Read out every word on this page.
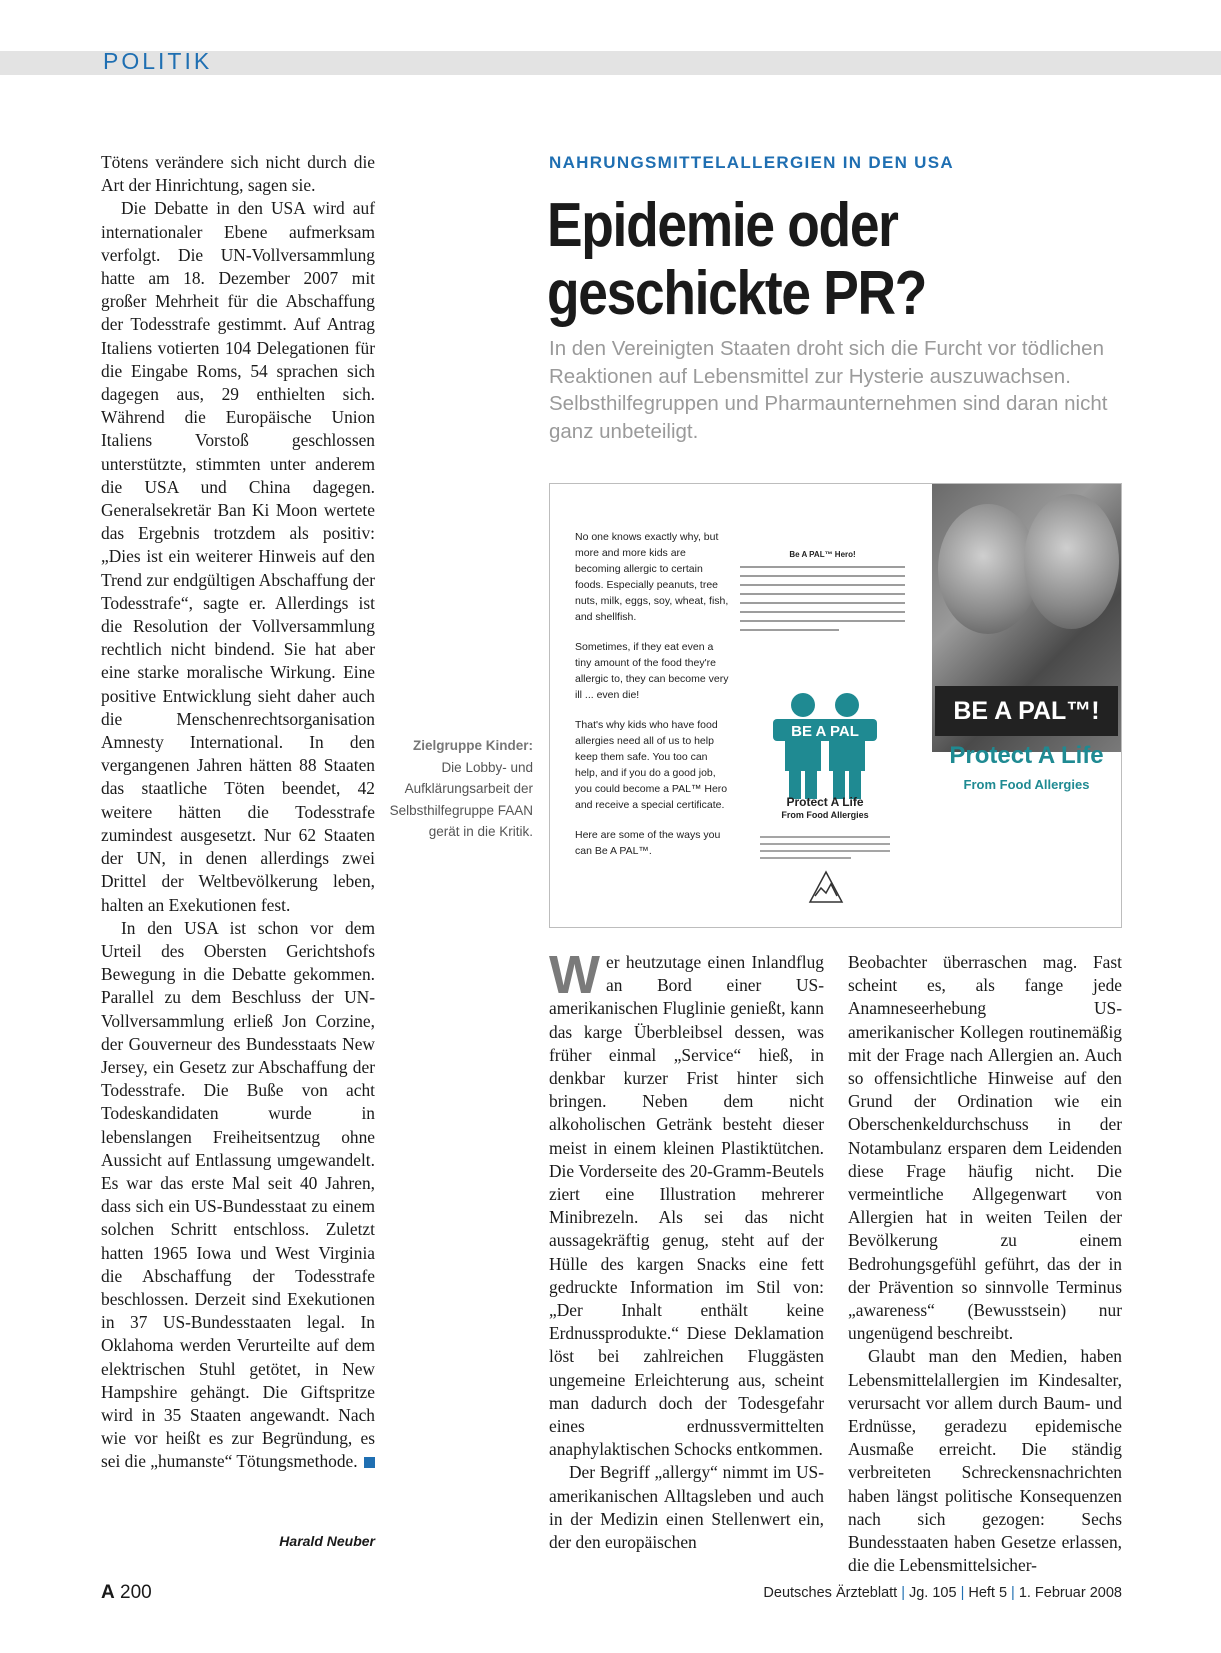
POLITIK

Tötens verändere sich nicht durch die Art der Hinrichtung, sagen sie.

Die Debatte in den USA wird auf internationaler Ebene aufmerksam verfolgt. Die UN-Vollversammlung hatte am 18. Dezember 2007 mit großer Mehrheit für die Abschaffung der Todesstrafe gestimmt. Auf Antrag Italiens votierten 104 Delegationen für die Eingabe Roms, 54 sprachen sich dagegen aus, 29 enthielten sich. Während die Europäische Union Italiens Vorstoß geschlossen unterstützte, stimmten unter anderem die USA und China dagegen. Generalsekretär Ban Ki Moon wertete das Ergebnis trotzdem als positiv: „Dies ist ein weiterer Hinweis auf den Trend zur endgültigen Abschaffung der Todesstrafe“, sagte er. Allerdings ist die Resolution der Vollversammlung rechtlich nicht bindend. Sie hat aber eine starke moralische Wirkung. Eine positive Entwicklung sieht daher auch die Menschenrechtsorganisation Amnesty International. In den vergangenen Jahren hätten 88 Staaten das staatliche Töten beendet, 42 weitere hätten die Todesstrafe zumindest ausgesetzt. Nur 62 Staaten der UN, in denen allerdings zwei Drittel der Weltbevölkerung leben, halten an Exekutionen fest.

In den USA ist schon vor dem Urteil des Obersten Gerichtshofs Bewegung in die Debatte gekommen. Parallel zu dem Beschluss der UN-Vollversammlung erließ Jon Corzine, der Gouverneur des Bundesstaats New Jersey, ein Gesetz zur Abschaffung der Todesstrafe. Die Buße von acht Todeskandidaten wurde in lebenslangen Freiheitsentzug ohne Aussicht auf Entlassung umgewandelt. Es war das erste Mal seit 40 Jahren, dass sich ein US-Bundesstaat zu einem solchen Schritt entschloss. Zuletzt hatten 1965 Iowa und West Virginia die Abschaffung der Todesstrafe beschlossen. Derzeit sind Exekutionen in 37 US-Bundesstaaten legal. In Oklahoma werden Verurteilte auf dem elektrischen Stuhl getötet, in New Hampshire gehängt. Die Giftspritze wird in 35 Staaten angewandt. Nach wie vor heißt es zur Begründung, es sei die „humanste“ Tötungsmethode.

Harald Neuber
NAHRUNGSMITTELALLERGIEN IN DEN USA
Epidemie oder
geschickte PR?
In den Vereinigten Staaten droht sich die Furcht vor tödlichen Reaktionen auf Lebensmittel zur Hysterie auszuwachsen. Selbsthilfegruppen und Pharmaunternehmen sind daran nicht ganz unbeteiligt.
Zielgruppe Kinder:
Die Lobby- und Aufklärungsarbeit der Selbsthilfegruppe FAAN gerät in die Kritik.

No one knows exactly why, but more and more kids are becoming allergic to certain foods. Especially peanuts, tree nuts, milk, eggs, soy, wheat, fish, and shellfish.

Sometimes, if they eat even a tiny amount of the food they're allergic to, they can become very ill ... even die!

That's why kids who have food allergies need all of us to help keep them safe. You too can help, and if you do a good job, you could become a PAL™ Hero and receive a special certificate.

Here are some of the ways you can Be A PAL™.

Be A PAL™ Hero!
BE A PAL
Protect A Life
From Food Allergies
BE A PAL™!
Protect A Life
From Food Allergies

Wer heutzutage einen Inlandflug an Bord einer US-amerikanischen Fluglinie genießt, kann das karge Überbleibsel dessen, was früher einmal „Service“ hieß, in denkbar kurzer Frist hinter sich bringen. Neben dem nicht alkoholischen Getränk besteht dieser meist in einem kleinen Plastiktütchen. Die Vorderseite des 20-Gramm-Beutels ziert eine Illustration mehrerer Minibrezeln. Als sei das nicht aussagekräftig genug, steht auf der Hülle des kargen Snacks eine fett gedruckte Information im Stil von: „Der Inhalt enthält keine Erdnussprodukte.“ Diese Deklamation löst bei zahlreichen Fluggästen ungemeine Erleichterung aus, scheint man dadurch doch der Todesgefahr eines erdnussvermittelten anaphylaktischen Schocks entkommen.

Der Begriff „allergy“ nimmt im US-amerikanischen Alltagsleben und auch in der Medizin einen Stellenwert ein, der den europäischen

Beobachter überraschen mag. Fast scheint es, als fange jede Anamneseerhebung US-amerikanischer Kollegen routinemäßig mit der Frage nach Allergien an. Auch so offensichtliche Hinweise auf den Grund der Ordination wie ein Oberschenkeldurchschuss in der Notambulanz ersparen dem Leidenden diese Frage häufig nicht. Die vermeintliche Allgegenwart von Allergien hat in weiten Teilen der Bevölkerung zu einem Bedrohungsgefühl geführt, das der in der Prävention so sinnvolle Terminus „awareness“ (Bewusstsein) nur ungenügend beschreibt.

Glaubt man den Medien, haben Lebensmittelallergien im Kindesalter, verursacht vor allem durch Baum- und Erdnüsse, geradezu epidemische Ausmaße erreicht. Die ständig verbreiteten Schreckensnachrichten haben längst politische Konsequenzen nach sich gezogen: Sechs Bundesstaaten haben Gesetze erlassen, die die Lebensmittelsicher-

A 200	Deutsches Ärzteblatt | Jg. 105 | Heft 5 | 1. Februar 2008
